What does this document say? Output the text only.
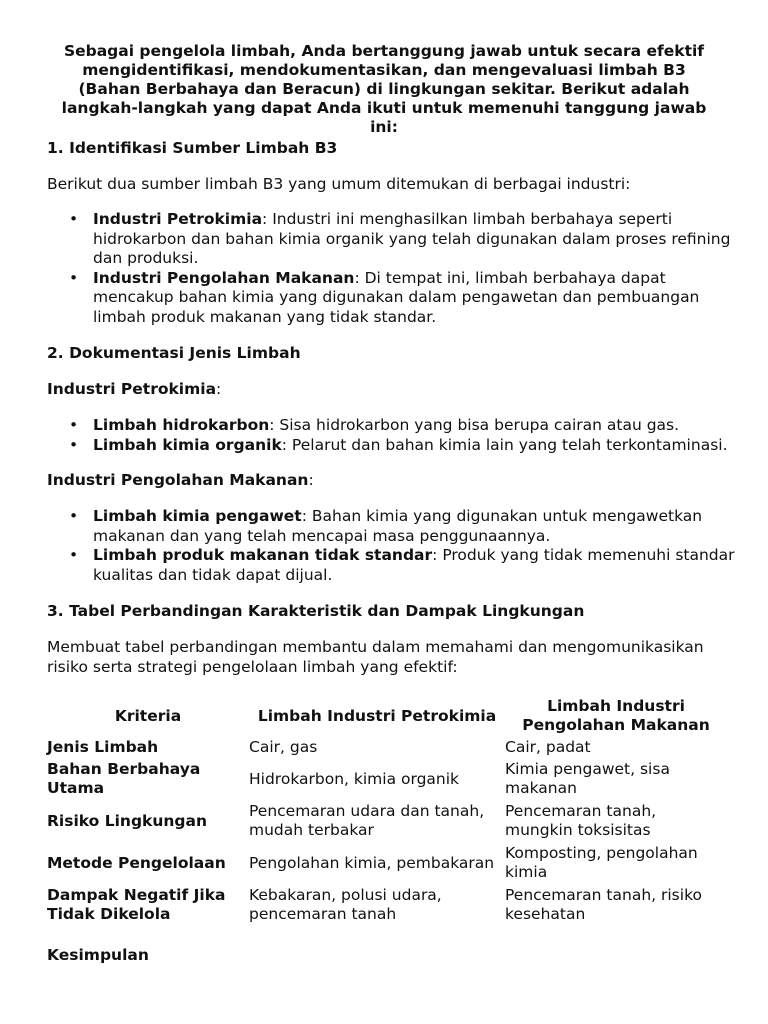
Sebagai pengelola limbah, Anda bertanggung jawab untuk secara efektif mengidentifikasi, mendokumentasikan, dan mengevaluasi limbah B3 (Bahan Berbahaya dan Beracun) di lingkungan sekitar. Berikut adalah langkah-langkah yang dapat Anda ikuti untuk memenuhi tanggung jawab ini:
1. Identifikasi Sumber Limbah B3
Berikut dua sumber limbah B3 yang umum ditemukan di berbagai industri:
• Industri Petrokimia: Industri ini menghasilkan limbah berbahaya seperti hidrokarbon dan bahan kimia organik yang telah digunakan dalam proses refining dan produksi.
• Industri Pengolahan Makanan: Di tempat ini, limbah berbahaya dapat mencakup bahan kimia yang digunakan dalam pengawetan dan pembuangan limbah produk makanan yang tidak standar.
2. Dokumentasi Jenis Limbah
Industri Petrokimia:
• Limbah hidrokarbon: Sisa hidrokarbon yang bisa berupa cairan atau gas.
• Limbah kimia organik: Pelarut dan bahan kimia lain yang telah terkontaminasi.
Industri Pengolahan Makanan:
• Limbah kimia pengawet: Bahan kimia yang digunakan untuk mengawetkan makanan dan yang telah mencapai masa penggunaannya.
• Limbah produk makanan tidak standar: Produk yang tidak memenuhi standar kualitas dan tidak dapat dijual.
3. Tabel Perbandingan Karakteristik dan Dampak Lingkungan
Membuat tabel perbandingan membantu dalam memahami dan mengomunikasikan risiko serta strategi pengelolaan limbah yang efektif:
Kriteria	Limbah Industri Petrokimia	Limbah Industri Pengolahan Makanan
Jenis Limbah	Cair, gas	Cair, padat
Bahan Berbahaya Utama	Hidrokarbon, kimia organik	Kimia pengawet, sisa makanan
Risiko Lingkungan	Pencemaran udara dan tanah, mudah terbakar	Pencemaran tanah, mungkin toksisitas
Metode Pengelolaan	Pengolahan kimia, pembakaran	Komposting, pengolahan kimia
Dampak Negatif Jika Tidak Dikelola	Kebakaran, polusi udara, pencemaran tanah	Pencemaran tanah, risiko kesehatan
Kesimpulan
